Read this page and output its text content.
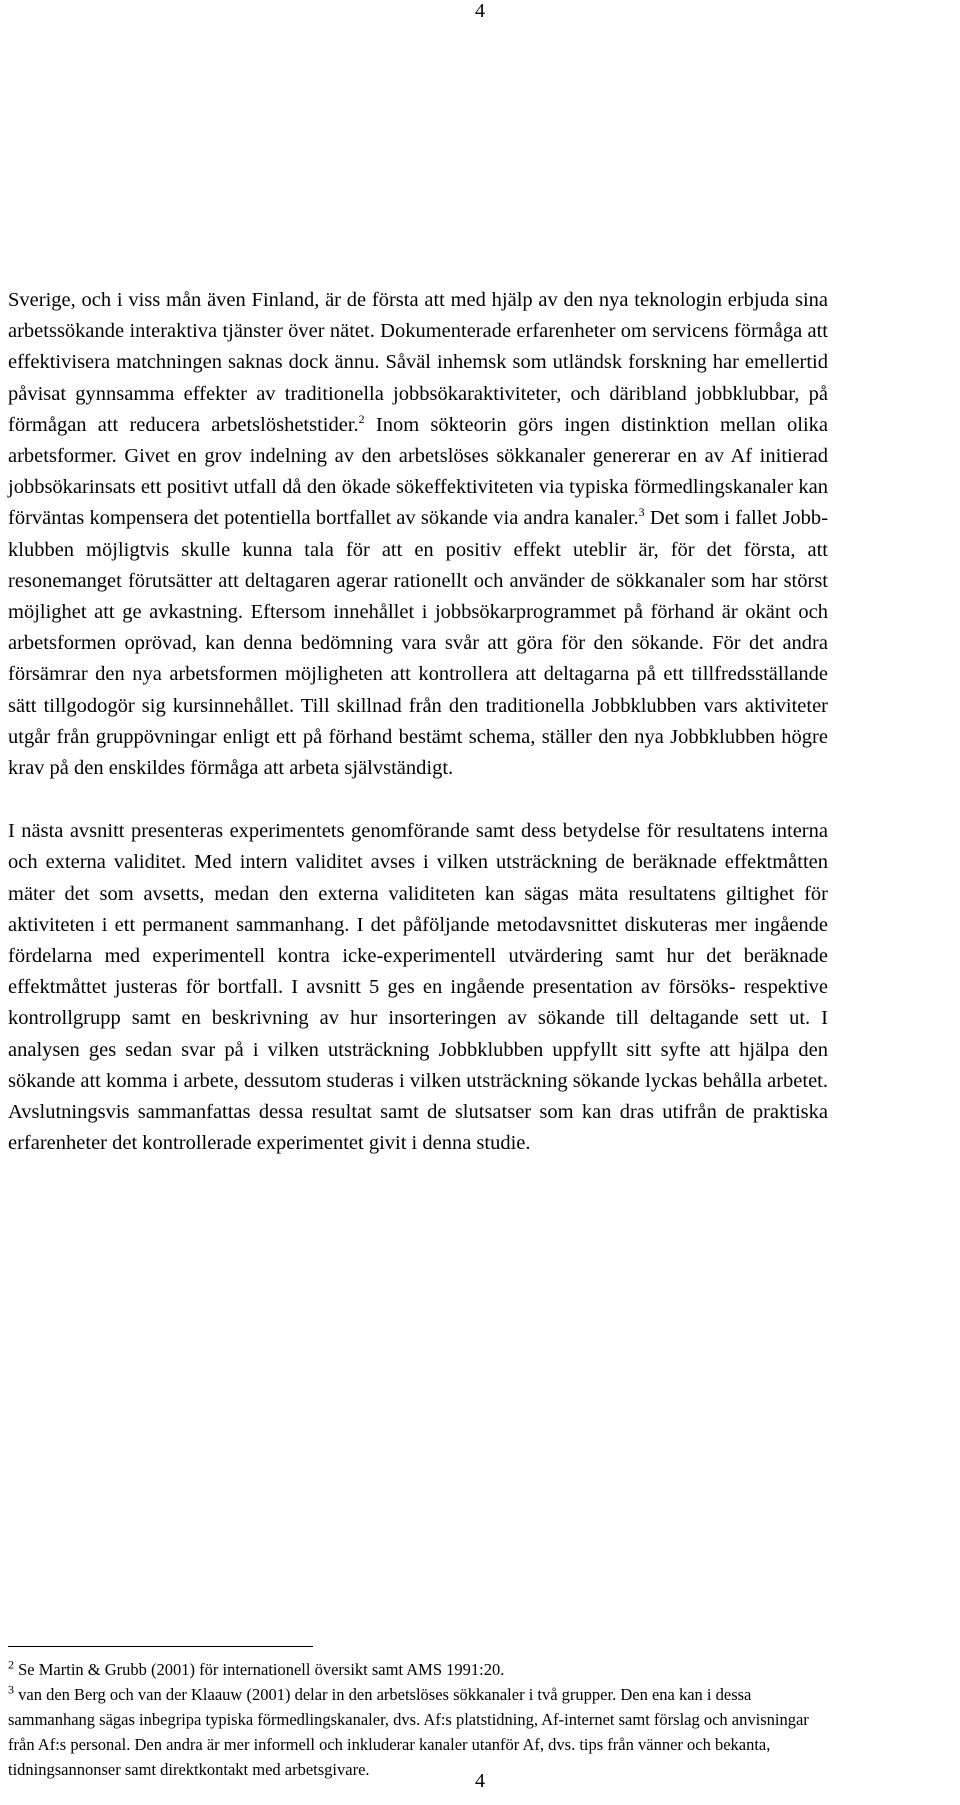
4

Sverige, och i viss mån även Finland, är de första att med hjälp av den nya teknologin erbjuda sina arbetssökande interaktiva tjänster över nätet. Dokumenterade erfarenheter om servicens förmåga att effektivisera matchningen saknas dock ännu. Såväl inhemsk som utländsk forskning har emellertid påvisat gynnsamma effekter av traditionella jobbsökaraktiviteter, och däribland jobbklubbar, på förmågan att reducera arbetslöshetstider.$^2$ Inom sökteorin görs ingen distinktion mellan olika arbetsformer. Givet en grov indelning av den arbetslöses sökkanaler genererar en av Af initierad jobbsökarinsats ett positivt utfall då den ökade sökeffektiviteten via typiska förmedlingskanaler kan förväntas kompensera det potentiella bortfallet av sökande via andra kanaler.$^3$ Det som i fallet Jobbklubben möjligtvis skulle kunna tala för att en positiv effekt uteblir är, för det första, att resonemanget förutsätter att deltagaren agerar rationellt och använder de sökkanaler som har störst möjlighet att ge avkastning. Eftersom innehållet i jobbsökarprogrammet på förhand är okänt och arbetsformen oprövad, kan denna bedömning vara svår att göra för den sökande. För det andra försämrar den nya arbetsformen möjligheten att kontrollera att deltagarna på ett tillfredsställande sätt tillgodogör sig kursinnehållet. Till skillnad från den traditionella Jobbklubben vars aktiviteter utgår från gruppövningar enligt ett på förhand bestämt schema, ställer den nya Jobbklubben högre krav på den enskildes förmåga att arbeta självständigt.

I nästa avsnitt presenteras experimentets genomförande samt dess betydelse för resultatens interna och externa validitet. Med intern validitet avses i vilken utsträckning de beräknade effektmåtten mäter det som avsetts, medan den externa validiteten kan sägas mäta resultatens giltighet för aktiviteten i ett permanent sammanhang. I det påföljande metodavsnittet diskuteras mer ingående fördelarna med experimentell kontra icke-experimentell utvärdering samt hur det beräknade effektmåttet justeras för bortfall. I avsnitt 5 ges en ingående presentation av försöks- respektive kontrollgrupp samt en beskrivning av hur insorteringen av sökande till deltagande sett ut. I analysen ges sedan svar på i vilken utsträckning Jobbklubben uppfyllt sitt syfte att hjälpa den sökande att komma i arbete, dessutom studeras i vilken utsträckning sökande lyckas behålla arbetet. Avslutningsvis sammanfattas dessa resultat samt de slutsatser som kan dras utifrån de praktiska erfarenheter det kontrollerade experimentet givit i denna studie.

$^2$ Se Martin & Grubb (2001) för internationell översikt samt AMS 1991:20.

$^3$ van den Berg och van der Klaauw (2001) delar in den arbetslöses sökkanaler i två grupper. Den ena kan i dessa sammanhang sägas inbegripa typiska förmedlingskanaler, dvs. Af:s platstidning, Af-internet samt förslag och anvisningar från Af:s personal. Den andra är mer informell och inkluderar kanaler utanför Af, dvs. tips från vänner och bekanta, tidningsannonser samt direktkontakt med arbetsgivare.

4
